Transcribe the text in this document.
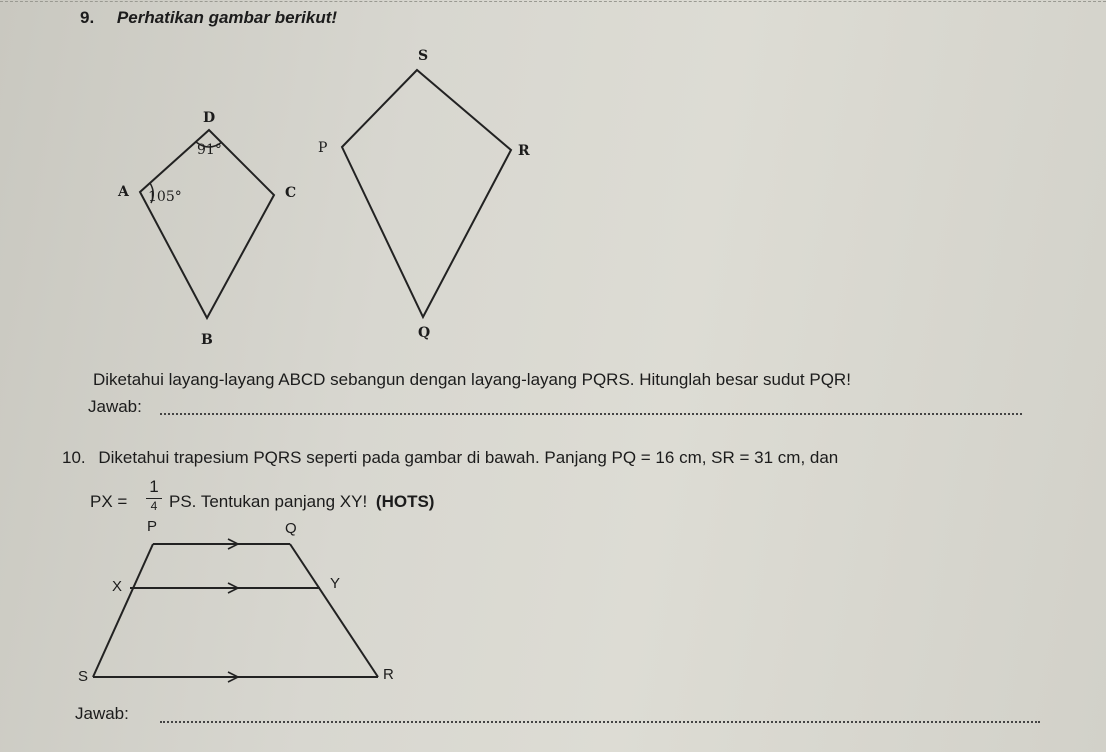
9. Perhatikan gambar berikut!
D
91°
A 105°	C
B
S
P	R
Q
Diketahui layang-layang ABCD sebangun dengan layang-layang PQRS. Hitunglah besar sudut PQR!
Jawab:
10. Diketahui trapesium PQRS seperti pada gambar di bawah. Panjang PQ = 16 cm, SR = 31 cm, dan
PX =
1
4 PS. Tentukan panjang XY! (HOTS)
P	Q
X	Y
S	R
Jawab:
